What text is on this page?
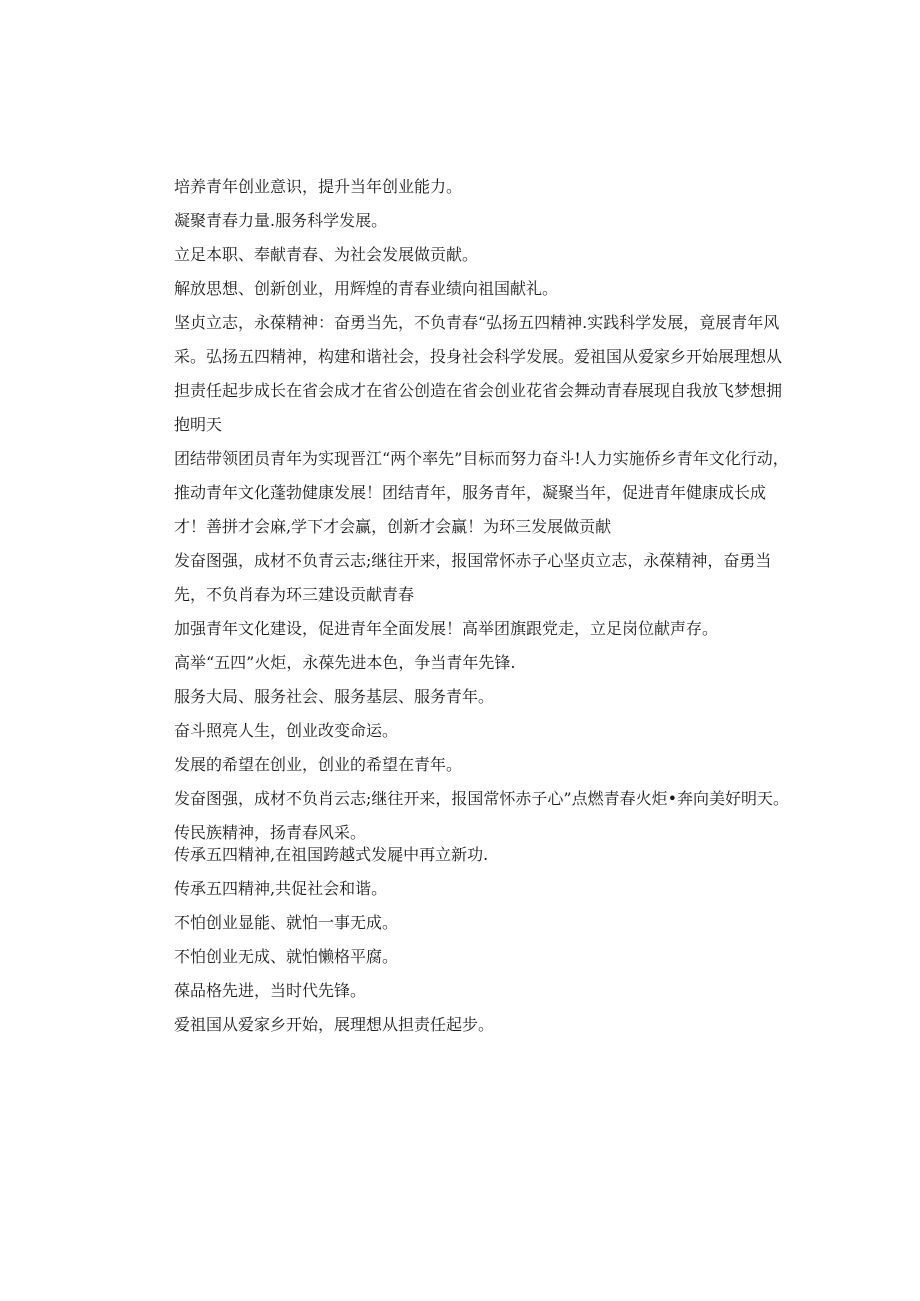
培养青年创业意识，提升当年创业能力。

凝聚青春力量.服务科学发展。

立足本职、奉献青春、为社会发展做贡献。

解放思想、创新创业，用辉煌的青春业绩向祖国献礼。

坚贞立志，永葆精神：奋勇当先，不负青春“弘扬五四精神.实践科学发展，竟展青年风采。弘扬五四精神，构建和谐社会，投身社会科学发展。爱祖国从爱家乡开始展理想从担责任起步成长在省会成才在省公创造在省会创业花省会舞动青春展现自我放飞梦想拥抱明天

团结带领团员青年为实现晋江“两个率先”目标而努力奋斗!人力实施侨乡青年文化行动，推动青年文化蓬勃健康发展！团结青年，服务青年，凝聚当年，促进青年健康成长成才！善拼才会麻,学下才会赢，创新才会赢！为环三发展做贡献

发奋图强，成材不负青云志;继往开来，报国常怀赤子心坚贞立志，永葆精神，奋勇当先，不负肖春为环三建设贡献青春

加强青年文化建设，促进青年全面发展！高举团旗跟党走，立足岗位献声存。

高举“五四”火炬，永葆先进本色，争当青年先锋.

服务大局、服务社会、服务基层、服务青年。

奋斗照亮人生，创业改变命运。

发展的希望在创业，创业的希望在青年。

发奋图强，成材不负肖云志;继往开来，报国常怀赤子心”点燃青春火炬•奔向美好明天。

传民族精神，扬青春风采。

传承五四精神,在祖国跨越式发屣中再立新功.

传承五四精神,共促社会和谐。

不怕创业显能、就怕一事无成。

不怕创业无成、就怕懒格平腐。

葆品格先进，当时代先锋。

爱祖国从爱家乡开始，展理想从担责任起步。
